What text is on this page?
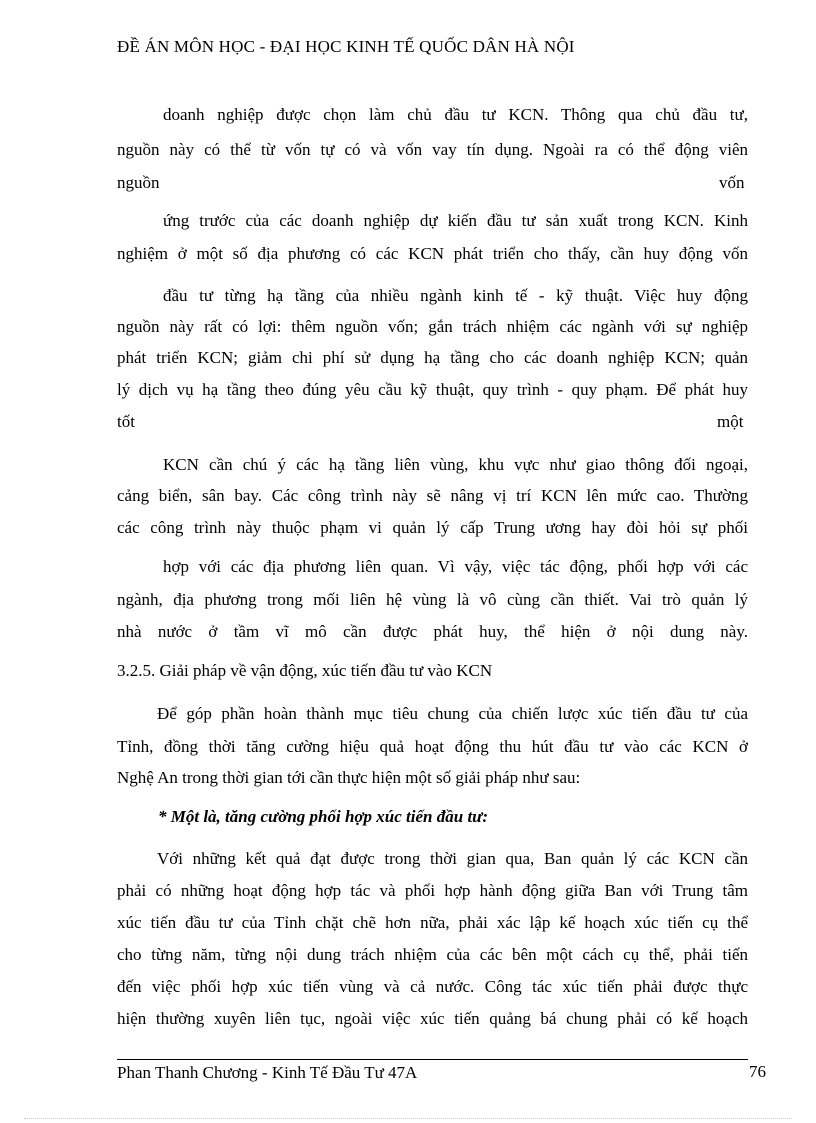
ĐỀ ÁN MÔN HỌC - ĐẠI HỌC KINH TẾ QUỐC DÂN HÀ NỘI
doanh nghiệp được chọn làm chủ đầu tư KCN. Thông qua chủ đầu tư,
nguồn này có thể từ vốn tự có và vốn vay tín dụng. Ngoài ra có thể động viên
nguồn	vốn
ứng trước của các doanh nghiệp dự kiến đầu tư sản xuất trong KCN. Kinh
nghiệm ở một số địa phương có các KCN phát triển cho thấy, cần huy động vốn
đầu tư từng hạ tầng của nhiều ngành kinh tế - kỹ thuật. Việc huy động
nguồn này rất có lợi: thêm nguồn vốn; gắn trách nhiệm các ngành với sự nghiệp
phát triển KCN; giảm chi phí sử dụng hạ tầng cho các doanh nghiệp KCN; quản
lý dịch vụ hạ tầng theo đúng yêu cầu kỹ thuật, quy trình - quy phạm. Để phát huy
tốt	một
KCN cần chú ý các hạ tầng liên vùng, khu vực như giao thông đối ngoại,
cảng biển, sân bay. Các công trình này sẽ nâng vị trí KCN lên mức cao. Thường
các công trình này thuộc phạm vi quản lý cấp Trung ương hay đòi hỏi sự phối
hợp với các địa phương liên quan. Vì vậy, việc tác động, phối hợp với các
ngành, địa phương trong mối liên hệ vùng là vô cùng cần thiết. Vai trò quản lý
nhà nước ở tầm vĩ mô cần được phát huy, thể hiện ở nội dung này.
3.2.5. Giải pháp về vận động, xúc tiến đầu tư vào KCN
Để góp phần hoàn thành mục tiêu chung của chiến lược xúc tiến đầu tư của
Tỉnh, đồng thời tăng cường hiệu quả hoạt động thu hút đầu tư vào các KCN ở
Nghệ An trong thời gian tới cần thực hiện một số giải pháp như sau:
* Một là, tăng cường phối hợp xúc tiến đầu tư:
Với những kết quả đạt được trong thời gian qua, Ban quản lý các KCN cần
phải có những hoạt động hợp tác và phối hợp hành động giữa Ban với Trung tâm
xúc tiến đầu tư của Tỉnh chặt chẽ hơn nữa, phải xác lập kế hoạch xúc tiến cụ thể
cho từng năm, từng nội dung trách nhiệm của các bên một cách cụ thể, phải tiến
đến việc phối hợp xúc tiến vùng và cả nước. Công tác xúc tiến phải được thực
hiện thường xuyên liên tục, ngoài việc xúc tiến quảng bá chung phải có kế hoạch
Phan Thanh Chương - Kinh Tế Đầu Tư 47A	76
